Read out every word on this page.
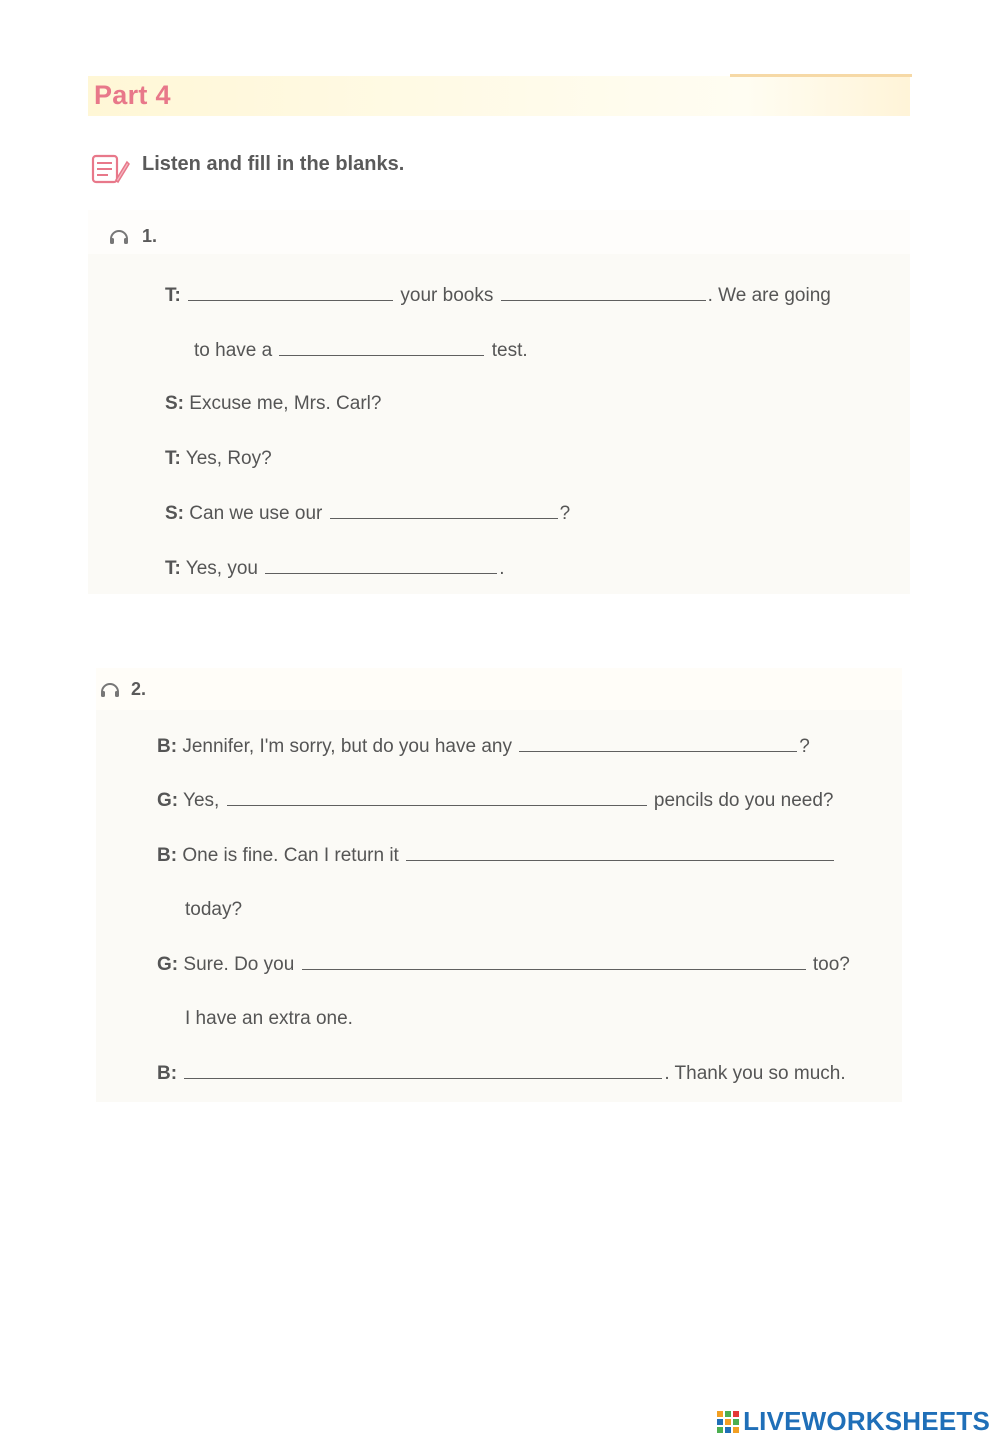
Part 4
Listen and fill in the blanks.
1.
T:	your books	. We are going
to have a	test.
S: Excuse me, Mrs. Carl?
T: Yes, Roy?
S: Can we use our	?
T: Yes, you	.
2.
B: Jennifer, I'm sorry, but do you have any	?
G: Yes,	pencils do you need?
B: One is fine. Can I return it
today?
G: Sure. Do you	too?
I have an extra one.
B:	. Thank you so much.
LIVEWORKSHEETS
